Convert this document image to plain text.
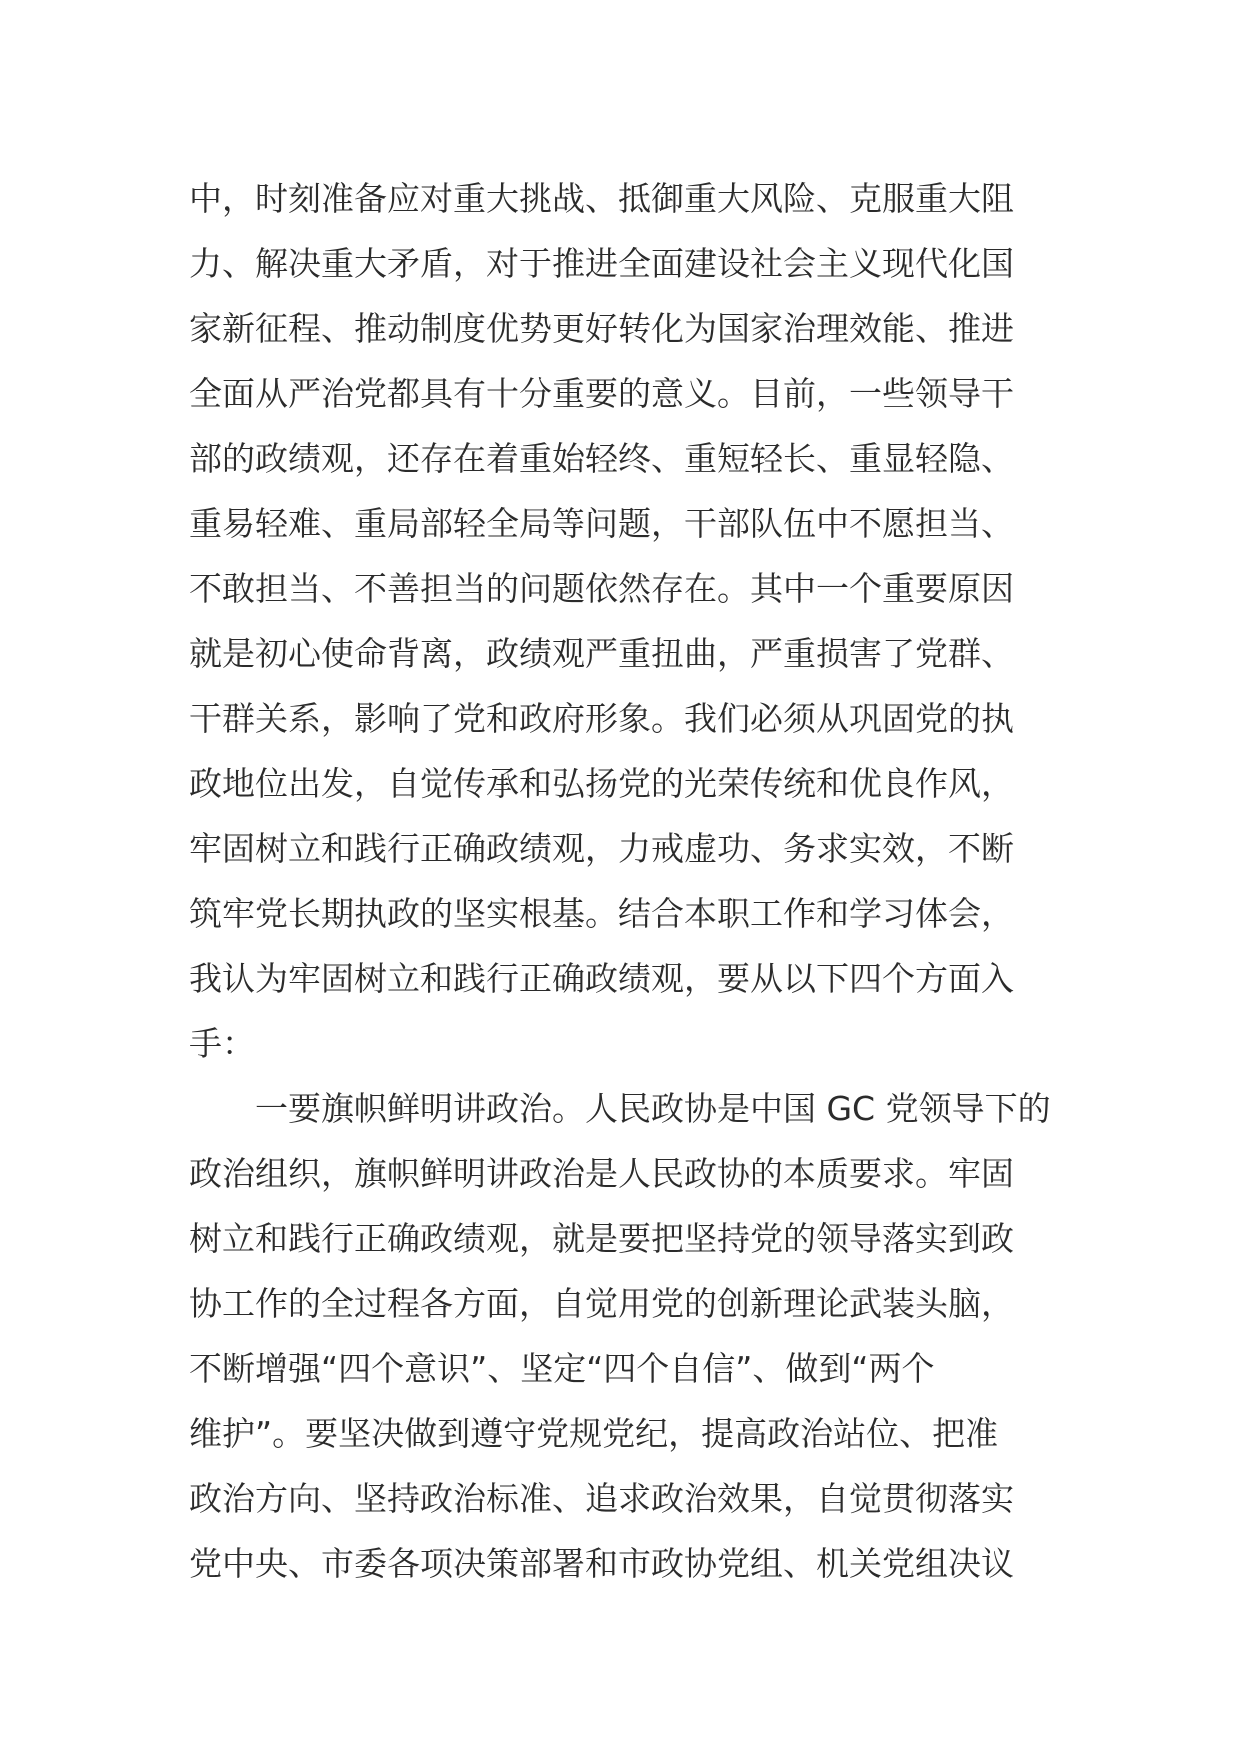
中，时刻准备应对重大挑战、抵御重大风险、克服重大阻
力、解决重大矛盾，对于推进全面建设社会主义现代化国
家新征程、推动制度优势更好转化为国家治理效能、推进
全面从严治党都具有十分重要的意义。目前，一些领导干
部的政绩观，还存在着重始轻终、重短轻长、重显轻隐、
重易轻难、重局部轻全局等问题，干部队伍中不愿担当、
不敢担当、不善担当的问题依然存在。其中一个重要原因
就是初心使命背离，政绩观严重扭曲，严重损害了党群、
干群关系，影响了党和政府形象。我们必须从巩固党的执
政地位出发，自觉传承和弘扬党的光荣传统和优良作风，
牢固树立和践行正确政绩观，力戒虚功、务求实效，不断
筑牢党长期执政的坚实根基。结合本职工作和学习体会，
我认为牢固树立和践行正确政绩观，要从以下四个方面入
手：
一要旗帜鲜明讲政治。人民政协是中国 GC 党领导下的
政治组织，旗帜鲜明讲政治是人民政协的本质要求。牢固
树立和践行正确政绩观，就是要把坚持党的领导落实到政
协工作的全过程各方面，自觉用党的创新理论武装头脑，
不断增强“四个意识”、坚定“四个自信”、做到“两个
维护”。要坚决做到遵守党规党纪，提高政治站位、把准
政治方向、坚持政治标准、追求政治效果，自觉贯彻落实
党中央、市委各项决策部署和市政协党组、机关党组决议
